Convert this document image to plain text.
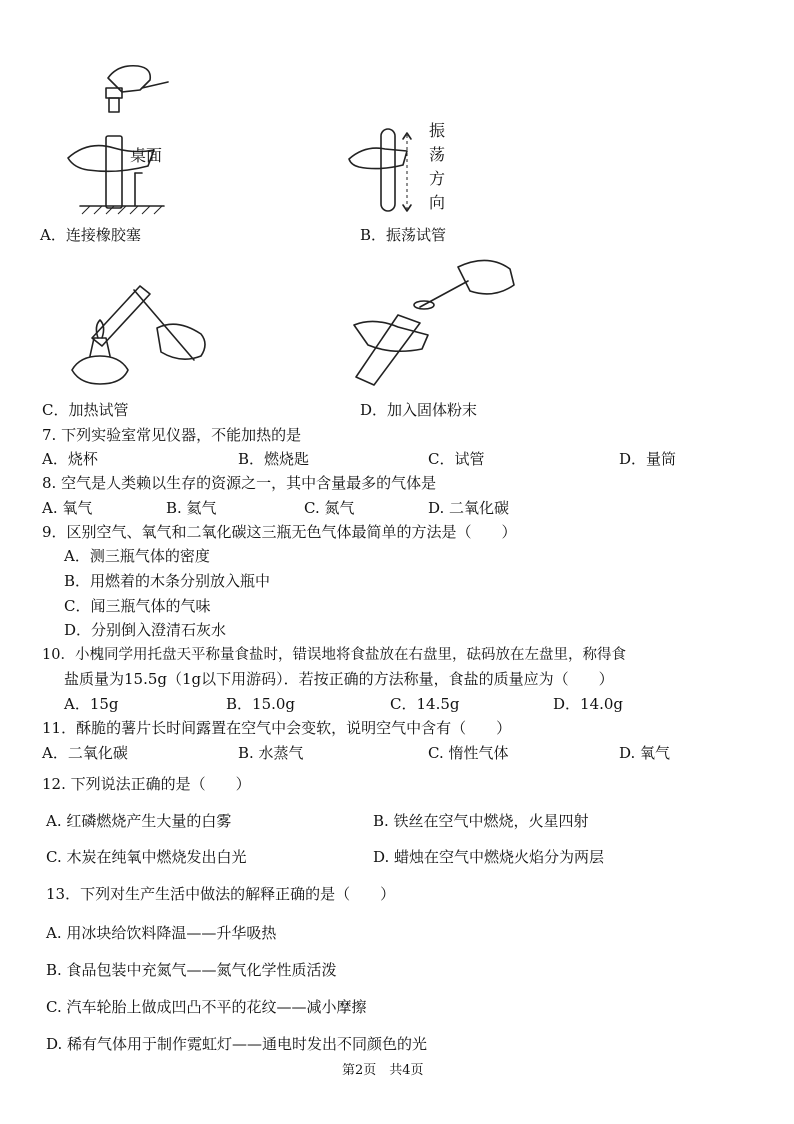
桌面
A．连接橡胶塞
振
荡
方
向
B．振荡试管
C．加热试管	D．加入固体粉末
7. 下列实验室常见仪器，不能加热的是
A．烧杯	B．燃烧匙	C．试管	D．量筒
8. 空气是人类赖以生存的资源之一，其中含量最多的气体是
A. 氧气	B. 氦气	C. 氮气	D. 二氧化碳
9．区别空气、氧气和二氧化碳这三瓶无色气体最简单的方法是（　　）
A．测三瓶气体的密度
B．用燃着的木条分别放入瓶中
C．闻三瓶气体的气味
D．分别倒入澄清石灰水
10．小槐同学用托盘天平称量食盐时，错误地将食盐放在右盘里，砝码放在左盘里，称得食
盐质量为15.5g（1g以下用游码）．若按正确的方法称量，食盐的质量应为（　　）
A．15g	B．15.0g	C．14.5g	D．14.0g
11．酥脆的薯片长时间露置在空气中会变软，说明空气中含有（　　）
A．二氧化碳	B. 水蒸气	C. 惰性气体	D. 氧气
12. 下列说法正确的是（　　）
A. 红磷燃烧产生大量的白雾	B. 铁丝在空气中燃烧，火星四射
C. 木炭在纯氧中燃烧发出白光	D. 蜡烛在空气中燃烧火焰分为两层
13．下列对生产生活中做法的解释正确的是（　　）
A. 用冰块给饮料降温——升华吸热
B. 食品包装中充氮气——氮气化学性质活泼
C. 汽车轮胎上做成凹凸不平的花纹——减小摩擦
D. 稀有气体用于制作霓虹灯——通电时发出不同颜色的光
第2页　共4页
